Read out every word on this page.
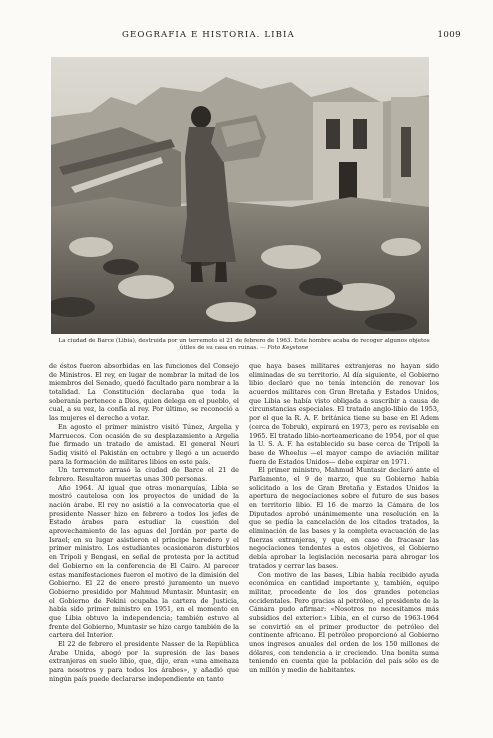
GEOGRAFIA E HISTORIA. LIBIA	1009

La ciudad de Barce (Libia), destruida por un terremoto el 21 de febrero de 1963. Este hombre acaba de recoger algunos objetos útiles de su casa en ruinas. — Foto Keystone

de éstos fueron absorbidas en las funciones del Consejo de Ministros. El rey, en lugar de nombrar la mitad de los miembros del Senado, quedó facultado para nombrar a la totalidad. La Constitución declaraba que toda la soberanía pertenece a Dios, quien delega en el pueblo, el cual, a su vez, la confía al rey. Por último, se reconoció a las mujeres el derecho a votar.

En agosto el primer ministro visitó Túnez, Argelia y Marruecos. Con ocasión de su desplazamiento a Argelia fue firmado un tratado de amistad. El general Neuri Sadiq visitó el Pakistán en octubre y llegó a un acuerdo para la formación de militares libios en este país.

Un terremoto arrasó la ciudad de Barce el 21 de febrero. Resultaron muertas unas 300 personas.

Año 1964. Al igual que otras monarquías, Libia se mostró cautelosa con los proyectos de unidad de la nación árabe. El rey no asistió a la convocatoria que el presidente Nasser hizo en febrero a todos los jefes de Estado árabes para estudiar la cuestión del aprovechamiento de las aguas del Jordán por parte de Israel; en su lugar asistieron el príncipe heredero y el primer ministro. Los estudiantes ocasionaron disturbios en Trípoli y Bengasi, en señal de protesta por la actitud del Gobierno en la conferencia de El Cairo. Al parecer estas manifestaciones fueron el motivo de la dimisión del Gobierno. El 22 de enero prestó juramento un nuevo Gobierno presidido por Mahmud Muntasir. Muntasir, en el Gobierno de Fekini ocupaba la cartera de Justicia, había sido primer ministro en 1951, en el momento en que Libia obtuvo la independencia; también estuvo al frente del Gobierno, Muntasir se hizo cargo también de la cartera del Interior.

El 22 de febrero el presidente Nasser de la República Árabe Unida, abogó por la supresión de las bases extranjeras en suelo libio, que, dijo, eran «una amenaza para nosotros y para todos los árabes», y añadió que ningún país puede declararse independiente en tanto

que haya bases militares extranjeras no hayan sido eliminadas de su territorio. Al día siguiente, el Gobierno libio declaró que no tenía intención de renovar los acuerdos militares con Gran Bretaña y Estados Unidos, que Libia se había visto obligada a suscribir a causa de circunstancias especiales. El tratado anglo-libio de 1953, por el que la R. A. F. británica tiene su base en El Adem (cerca de Tobruk), expirará en 1973, pero es revisable en 1965. El tratado libio-norteamericano de 1954, por el que la U. S. A. F. ha establecido su base cerca de Trípoli la base de Wheelus —el mayor campo de aviación militar fuera de Estados Unidos— debe expirar en 1971.

El primer ministro, Mahmud Muntasir declaró ante el Parlamento, el 9 de marzo, que su Gobierno había solicitado a los de Gran Bretaña y Estados Unidos la apertura de negociaciones sobre el futuro de sus bases en territorio libio. El 16 de marzo la Cámara de los Diputados aprobó unánimemente una resolución en la que se pedía la cancelación de los citados tratados, la eliminación de las bases y la completa evacuación de las fuerzas extranjeras, y que, en caso de fracasar las negociaciones tendentes a estos objetivos, el Gobierno debía aprobar la legislación necesaria para abrogar los tratados y cerrar las bases.

Con motivo de las bases, Libia había recibido ayuda económica en cantidad importante y, también, equipo militar, procedente de los dos grandes potencias occidentales. Pero gracias al petróleo, el presidente de la Cámara pudo afirmar: «Nosotros no necesitamos más subsidios del exterior.» Libia, en el curso de 1963-1964 se convirtió en el primer productor de petróleo del continente africano. El petróleo proporcionó al Gobierno unos ingresos anuales del orden de los 150 millones de dólares, con tendencia a ir creciendo. Una bonita suma teniendo en cuenta que la población del país sólo es de un millón y medio de habitantes.
